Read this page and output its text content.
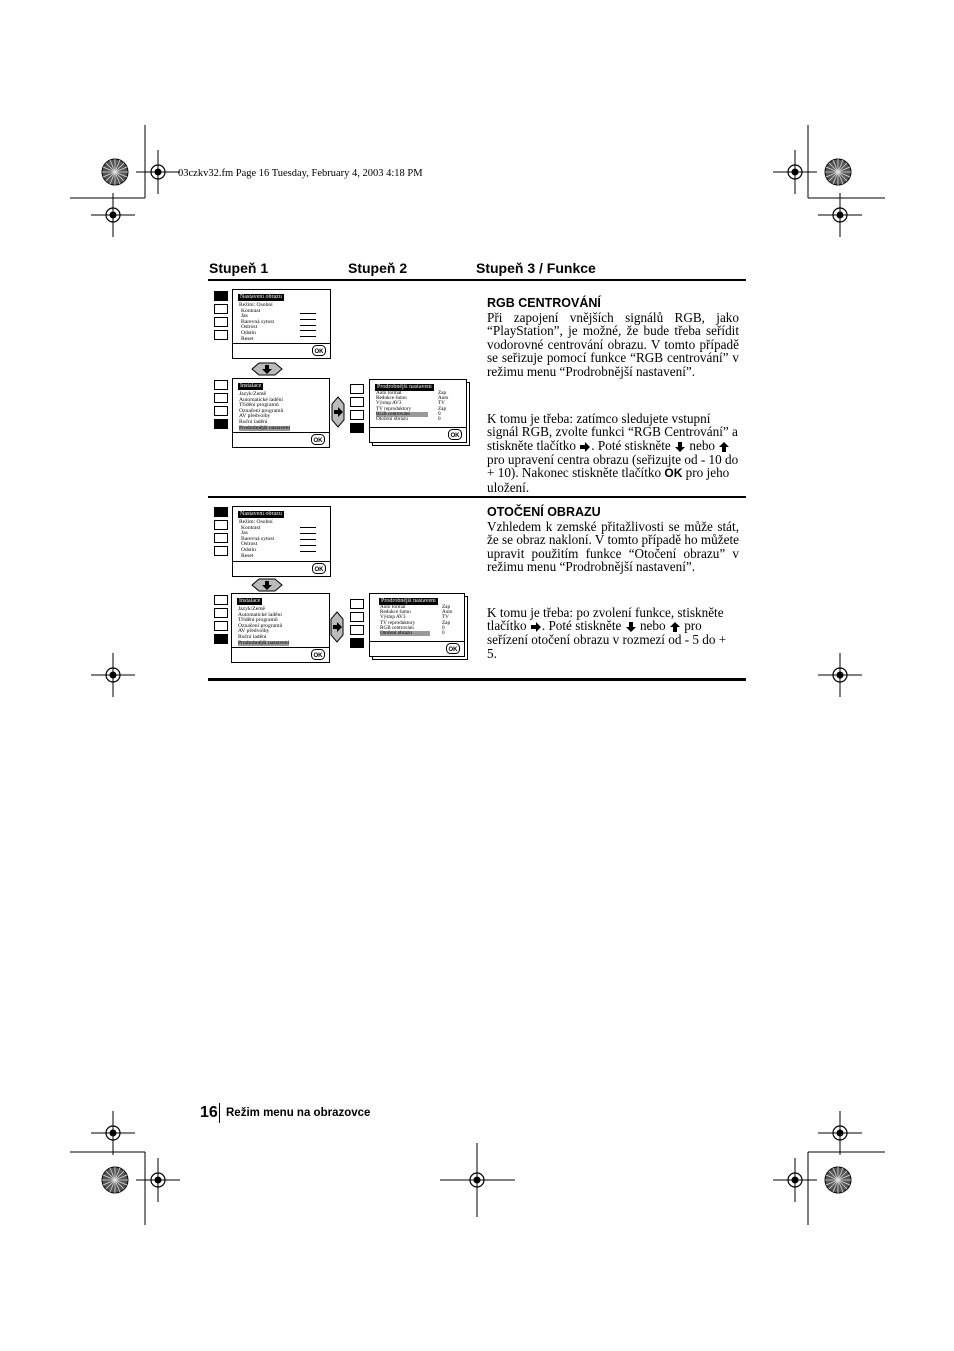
03czkv32.fm Page 16 Tuesday, February 4, 2003 4:18 PM
Stupeň 1	Stupeň 2	Stupeň 3 / Funkce
RGB CENTROVÁNÍ
Při zapojení vnějších signálů RGB, jako “PlayStation”, je možné, že bude třeba seřídit vodorovné centrování obrazu. V tomto případě se seřizuje pomocí funkce “RGB centrování” v režimu menu “Prodrobnější nastavení”.
K tomu je třeba: zatímco sledujete vstupní signál RGB, zvolte funkci “RGB Centrování” a stiskněte tlačítko . Poté stiskněte nebo  pro upravení centra obrazu (seřizujte od - 10 do + 10). Nakonec stiskněte tlačítko OK pro jeho uložení.
OTOČENÍ OBRAZU
Vzhledem k zemské přitažlivosti se může stát, že se obraz nakloní. V tomto případě ho můžete upravit použitím funkce “Otočení obrazu” v režimu menu “Prodrobnější nastavení”.
K tomu je třeba: po zvolení funkce, stiskněte tlačítko . Poté stiskněte nebo pro seřízení otočení obrazu v rozmezí od - 5 do + 5.
Nastavení obrazu
Režim: Osobní
Kontrast
Jas
Barevná sytost
Ostrost
Odstín
Reset
OK
Instalace
Jazyk/Země
Automatické ladění
Třídění programů
Označení programů
AV předvolby
Ruční ladění
Prodrobnější nastavení
OK
Prodrobnější nastavení
Auto formát	Zap
Redukce šumu	Auto
Výstup AV3	TV
TV reproduktory	Zap
RGB centrování	0
Otočení obrazu	0
OK
Nastavení obrazu
Režim: Osobní
Kontrast
Jas
Barevná sytost
Ostrost
Odstín
Reset
OK
Instalace
Jazyk/Země
Automatické ladění
Třídění programů
Označení programů
AV předvolby
Ruční ladění
Prodrobnější nastavení
OK
Prodrobnější nastavení
Auto formát	Zap
Redukce šumu	Auto
Výstup AV3	TV
TV reproduktory	Zap
RGB centrování	0
Otočení obrazu	0
OK
16 Režim menu na obrazovce
